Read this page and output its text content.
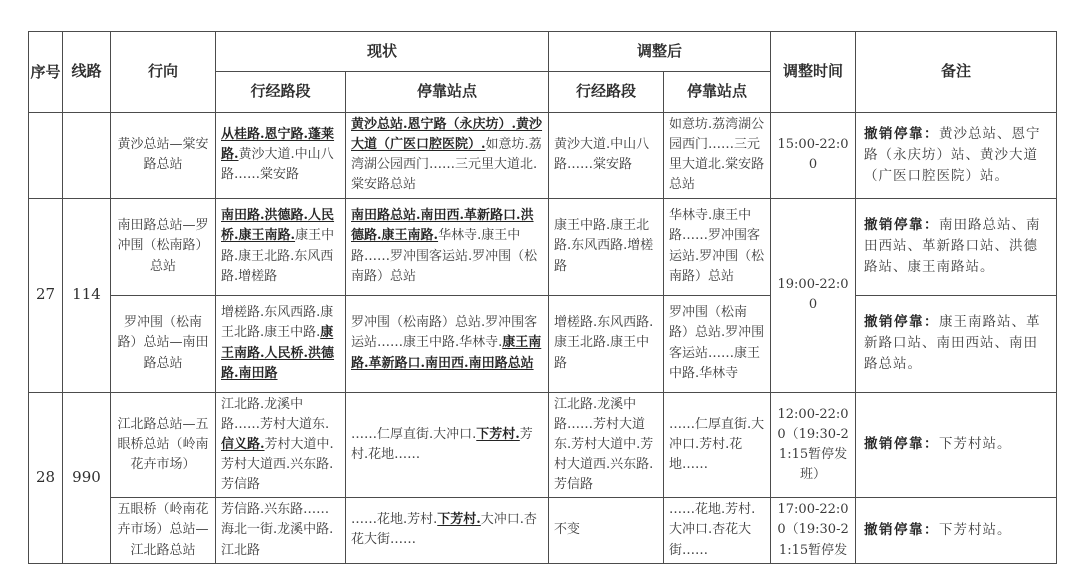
序号	线路	行向	现状		调整后		调整时间	备注
			行经路段	停靠站点	行经路段	停靠站点		
		黄沙总站—棠安路总站	从桂路.恩宁路.蓬莱路.黄沙大道.中山八路……棠安路	黄沙总站.恩宁路（永庆坊）.黄沙大道（广医口腔医院）.如意坊.荔湾湖公园西门……三元里大道北.棠安路总站	黄沙大道.中山八路……棠安路	如意坊.荔湾湖公园西门……三元里大道北.棠安路总站	15:00-22:00	撤销停靠：黄沙总站、恩宁路（永庆坊）站、黄沙大道（广医口腔医院）站。
27	114	南田路总站—罗冲围（松南路）总站	南田路.洪德路.人民桥.康王南路.康王中路.康王北路.东风西路.增槎路	南田路总站.南田西.革新路口.洪德路.康王南路.华林寺.康王中路……罗冲围客运站.罗冲围（松南路）总站	康王中路.康王北路.东风西路.增槎路	华林寺.康王中路……罗冲围客运站.罗冲围（松南路）总站	19:00-22:00	撤销停靠：南田路总站、南田西站、革新路口站、洪德路站、康王南路站。
		罗冲围（松南路）总站—南田路总站	增槎路.东风西路.康王北路.康王中路.康王南路.人民桥.洪德路.南田路	罗冲围（松南路）总站.罗冲围客运站……康王中路.华林寺.康王南路.革新路口.南田西.南田路总站	增槎路.东风西路.康王北路.康王中路	罗冲围（松南路）总站.罗冲围客运站……康王中路.华林寺		撤销停靠：康王南路站、革新路口站、南田西站、南田路总站。
28	990	江北路总站—五眼桥总站（岭南花卉市场）	江北路.龙溪中路……芳村大道东.信义路.芳村大道中.芳村大道西.兴东路.芳信路	……仁厚直街.大冲口.下芳村.芳村.花地……	江北路.龙溪中路……芳村大道东.芳村大道中.芳村大道西.兴东路.芳信路	……仁厚直街.大冲口.芳村.花地……	12:00-22:00（19:30-21:15暂停发班）	撤销停靠：下芳村站。
		五眼桥（岭南花卉市场）总站—江北路总站	芳信路.兴东路……海北一街.龙溪中路.江北路	……花地.芳村.下芳村.大冲口.杏花大街……	不变	……花地.芳村.大冲口.杏花大街……	17:00-22:00（19:30-21:15暂停发	撤销停靠：下芳村站。
